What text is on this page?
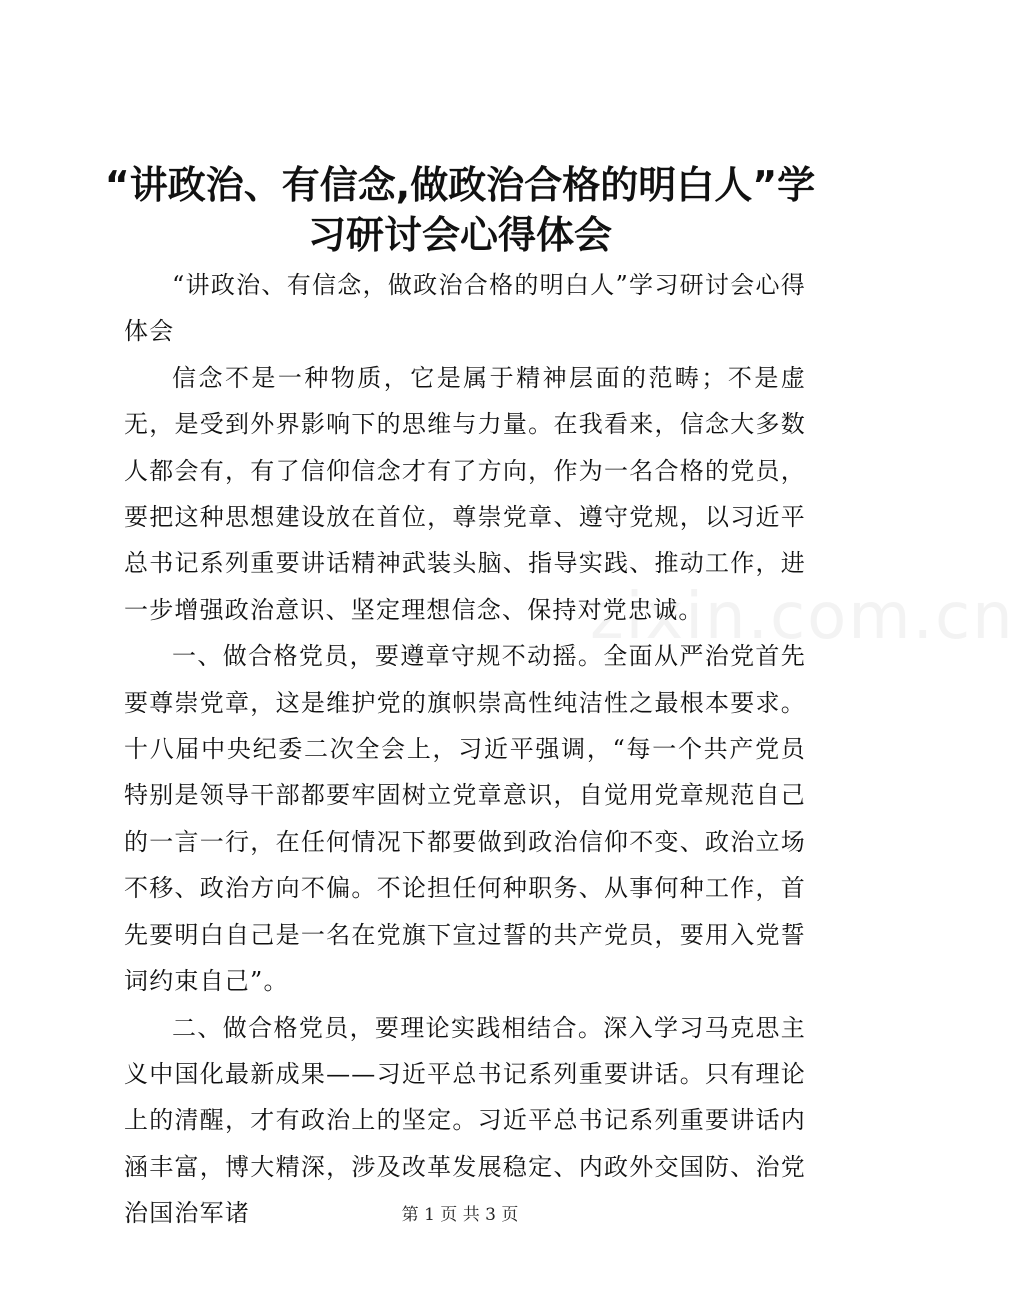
“讲政治、有信念,做政治合格的明白人”学习研讨会心得体会
zixin.com.cn

“讲政治、有信念，做政治合格的明白人”学习研讨会心得体会

信念不是一种物质，它是属于精神层面的范畴；不是虚无，是受到外界影响下的思维与力量。在我看来，信念大多数人都会有，有了信仰信念才有了方向，作为一名合格的党员，要把这种思想建设放在首位，尊崇党章、遵守党规，以习近平总书记系列重要讲话精神武装头脑、指导实践、推动工作，进一步增强政治意识、坚定理想信念、保持对党忠诚。

一、做合格党员，要遵章守规不动摇。全面从严治党首先要尊崇党章，这是维护党的旗帜崇高性纯洁性之最根本要求。十八届中央纪委二次全会上，习近平强调，“每一个共产党员特别是领导干部都要牢固树立党章意识，自觉用党章规范自己的一言一行，在任何情况下都要做到政治信仰不变、政治立场不移、政治方向不偏。不论担任何种职务、从事何种工作，首先要明白自己是一名在党旗下宣过誓的共产党员，要用入党誓词约束自己”。

二、做合格党员，要理论实践相结合。深入学习马克思主义中国化最新成果——习近平总书记系列重要讲话。只有理论上的清醒，才有政治上的坚定。习近平总书记系列重要讲话内涵丰富，博大精深，涉及改革发展稳定、内政外交国防、治党治国治军诸	第 1 页 共 3 页
